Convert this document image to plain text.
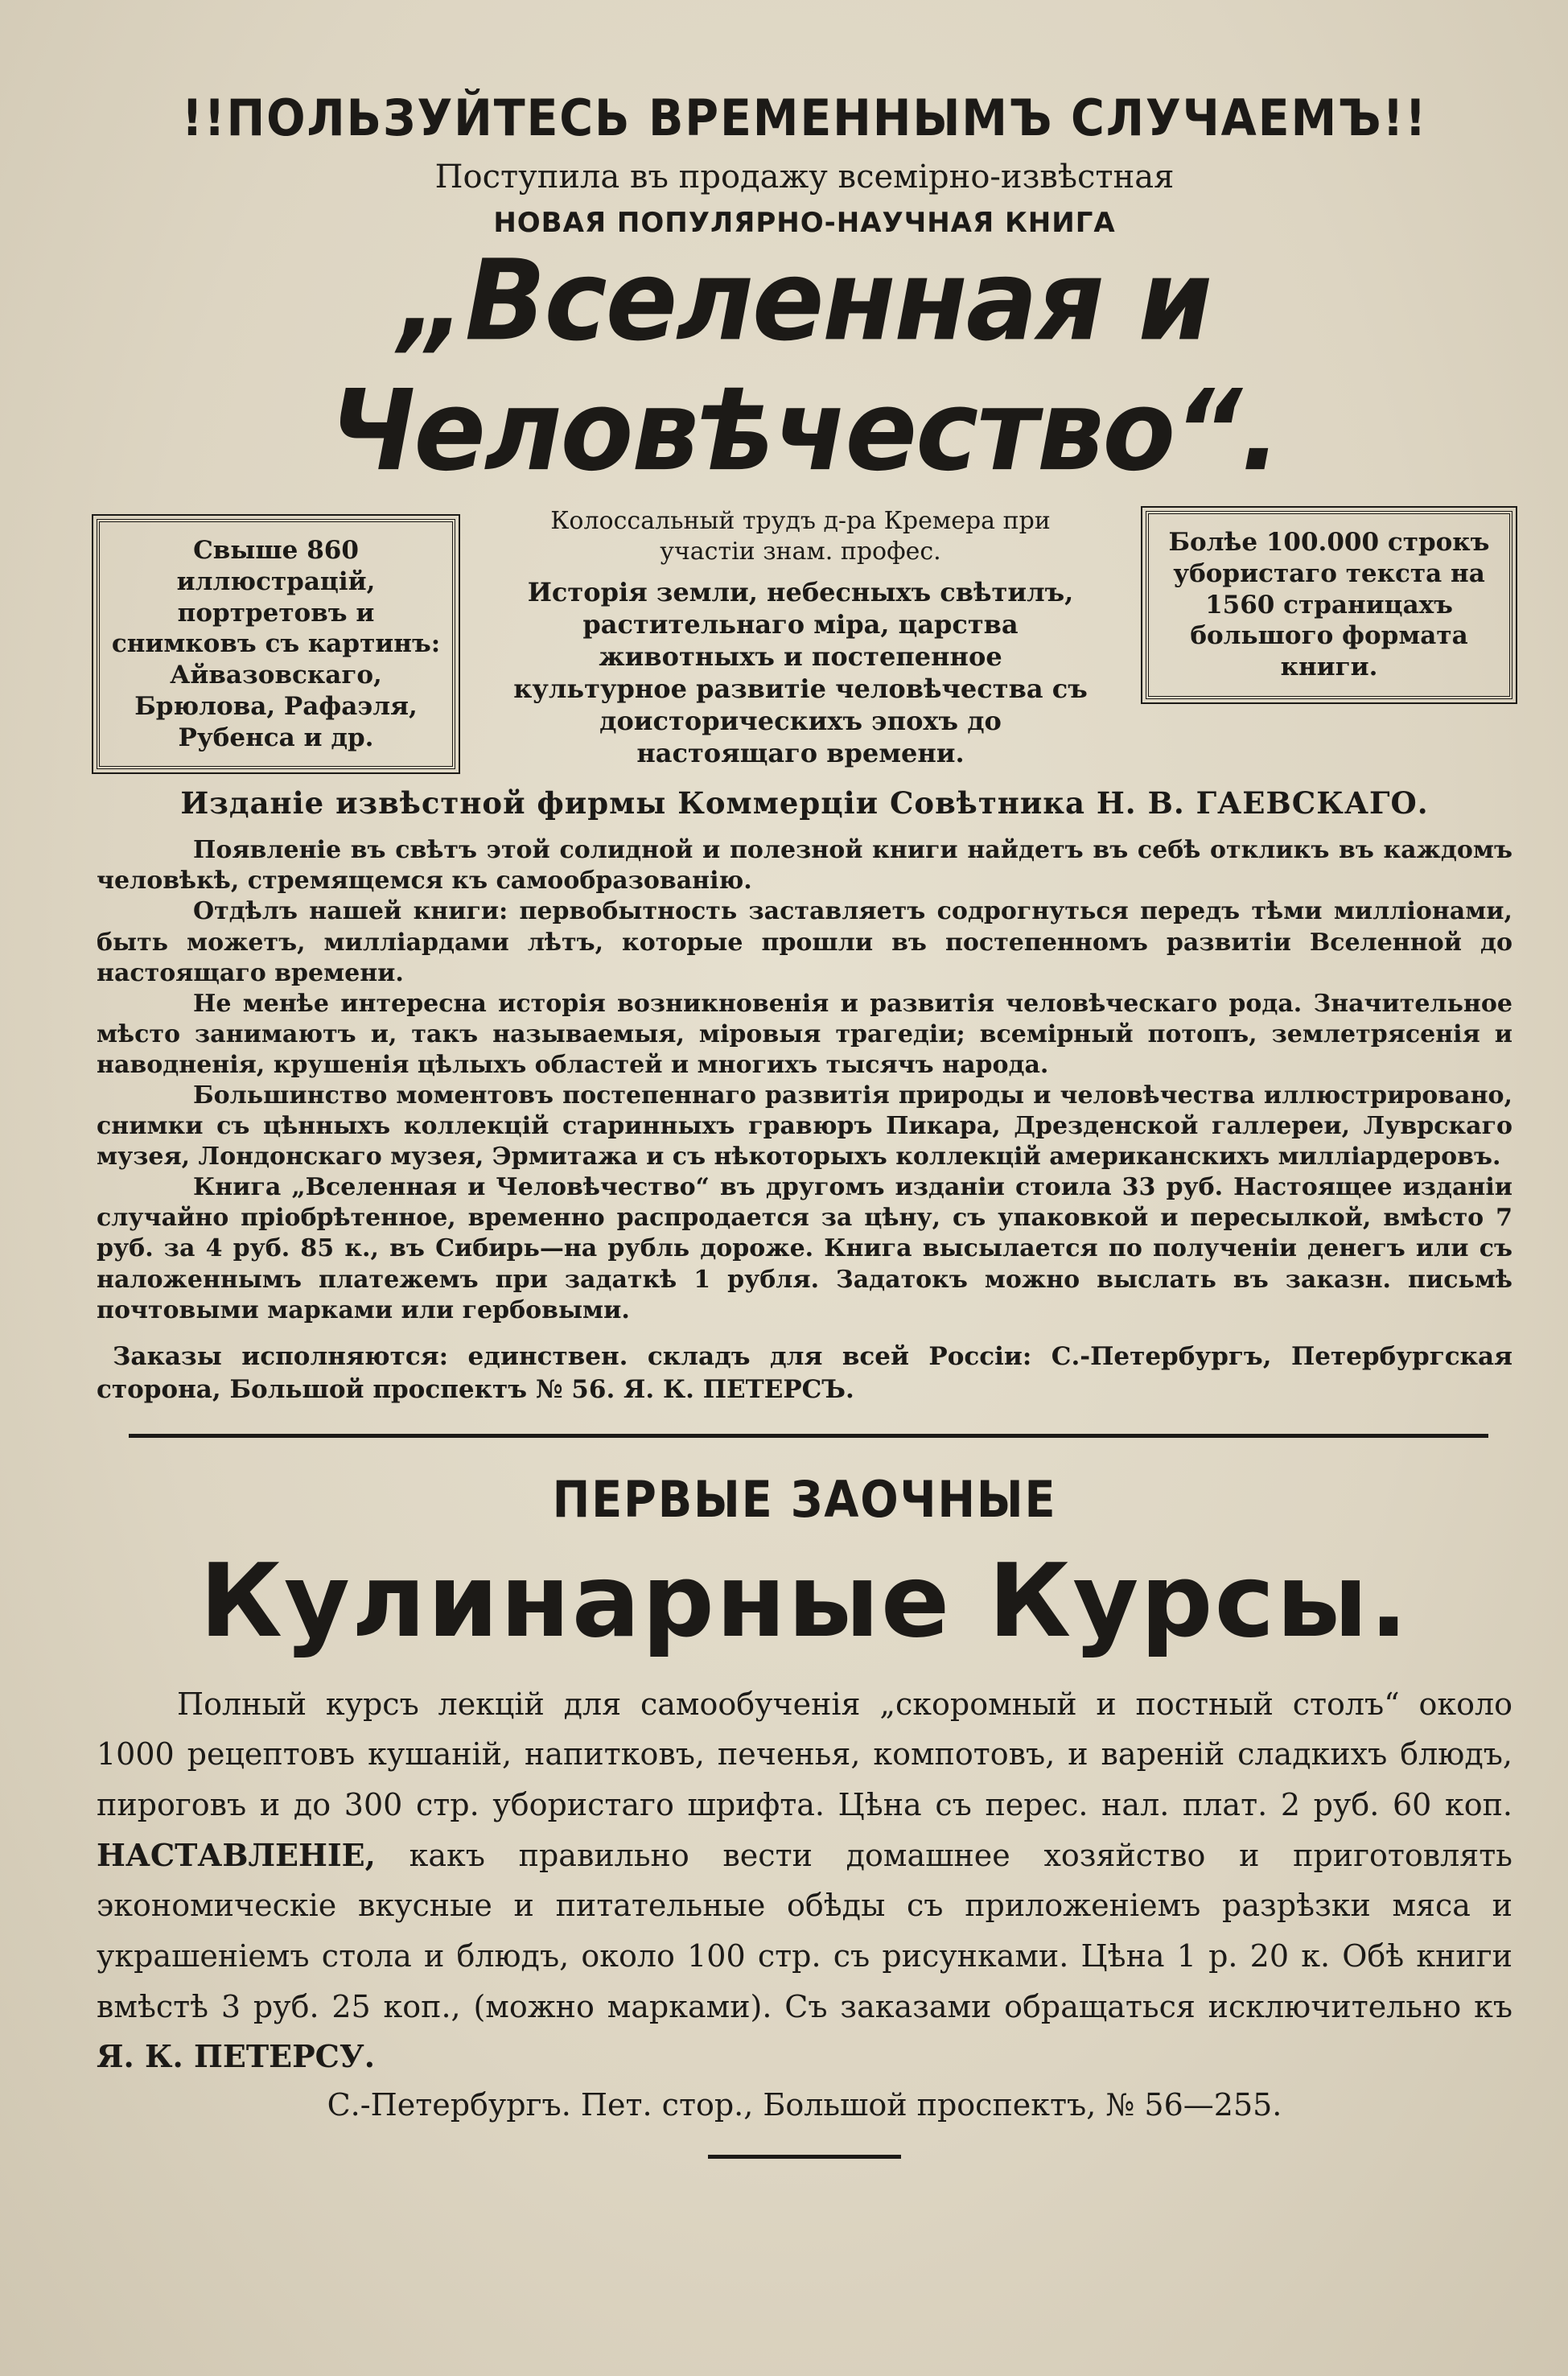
!!ПОЛЬЗУЙТЕСЬ ВРЕМЕННЫМЪ СЛУЧАЕМЪ!!

Поступила въ продажу всемірно-извѣстная

НОВАЯ ПОПУЛЯРНО-НАУЧНАЯ КНИГА

„Вселенная и Человѣчество“.

Свыше 860 иллюстрацій, портретовъ и снимковъ съ картинъ: Айвазовскаго, Брюлова, Рафаэля, Рубенса и др.
Колоссальный трудъ д-ра Кремера при участіи знам. профес.
Исторія земли, небесныхъ свѣтилъ, растительнаго міра, царства животныхъ и постепенное культурное развитіе человѣчества съ доисторическихъ эпохъ до настоящаго времени.
Болѣе 100.000 строкъ убористаго текста на 1560 страницахъ большого формата книги.
Изданіе извѣстной фирмы Коммерціи Совѣтника Н. В. ГАЕВСКАГО.

Появленіе въ свѣтъ этой солидной и полезной книги найдетъ въ себѣ откликъ въ каждомъ человѣкѣ, стремящемся къ самообразованію.

Отдѣлъ нашей книги: первобытность заставляетъ содрогнуться передъ тѣми милліонами, быть можетъ, милліардами лѣтъ, которые прошли въ постепенномъ развитіи Вселенной до настоящаго времени.

Не менѣе интересна исторія возникновенія и развитія человѣческаго рода. Значительное мѣсто занимаютъ и, такъ называемыя, міровыя трагедіи; всемірный потопъ, землетрясенія и наводненія, крушенія цѣлыхъ областей и многихъ тысячъ народа.

Большинство моментовъ постепеннаго развитія природы и человѣчества иллюстрировано, снимки съ цѣнныхъ коллекцій старинныхъ гравюръ Пикара, Дрезденской галлереи, Луврскаго музея, Лондонскаго музея, Эрмитажа и съ нѣкоторыхъ коллекцій американскихъ милліардеровъ.

Книга „Вселенная и Человѣчество“ въ другомъ изданіи стоила 33 руб. Настоящее изданіи случайно пріобрѣтенное, временно распродается за цѣну, съ упаковкой и пересылкой, вмѣсто 7 руб. за 4 руб. 85 к., въ Сибирь—на рубль дороже. Книга высылается по полученіи денегъ или съ наложеннымъ платежемъ при задаткѣ 1 рубля. Задатокъ можно выслать въ заказн. письмѣ почтовыми марками или гербовыми.

Заказы исполняются: единствен. складъ для всей Россіи: С.-Петербургъ, Петербургская сторона, Большой проспектъ № 56. Я. К. ПЕТЕРСЪ.
ПЕРВЫЕ ЗАОЧНЫЕ
Кулинарные Курсы.

Полный курсъ лекцій для самообученія „скоромный и постный столъ“ около 1000 рецептовъ кушаній, напитковъ, печенья, компотовъ, и вареній сладкихъ блюдъ, пироговъ и до 300 стр. убористаго шрифта. Цѣна съ перес. нал. плат. 2 руб. 60 коп. НАСТАВЛЕНІЕ, какъ правильно вести домашнее хозяйство и приготовлять экономическіе вкусные и питательные обѣды съ приложеніемъ разрѣзки мяса и украшеніемъ стола и блюдъ, около 100 стр. съ рисунками. Цѣна 1 р. 20 к. Обѣ книги вмѣстѣ 3 руб. 25 коп., (можно марками). Съ заказами обращаться исключительно къ Я. К. ПЕТЕРСУ.

С.-Петербургъ. Пет. стор., Большой проспектъ, № 56—255.
